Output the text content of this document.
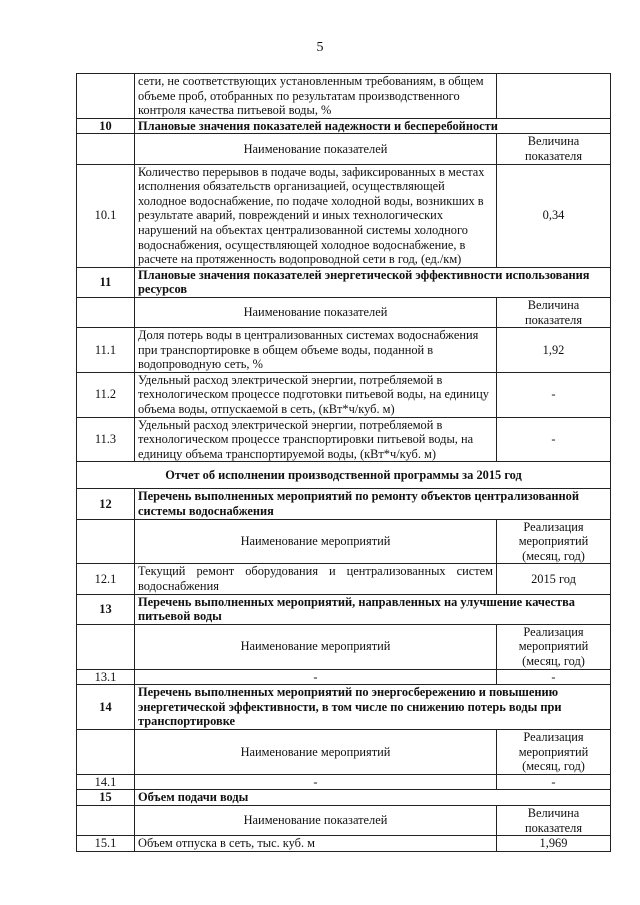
5
	сети, не соответствующих установленным требованиям, в общем объеме проб, отобранных по результатам производственного контроля качества питьевой воды, %	
10	Плановые значения показателей надежности и бесперебойности	
	Наименование показателей	Величина
показателя
10.1	Количество перерывов в подаче воды, зафиксированных в местах исполнения обязательств организацией, осуществляющей холодное водоснабжение, по подаче холодной воды, возникших в результате аварий, повреждений и иных технологических нарушений на объектах централизованной системы холодного водоснабжения, осуществляющей холодное водоснабжение, в расчете на протяженность водопроводной сети в год, (ед./км)	0,34
11	Плановые значения показателей энергетической эффективности использования ресурсов	
	Наименование показателей	Величина
показателя
11.1	Доля потерь воды в централизованных системах водоснабжения при транспортировке в общем объеме воды, поданной в водопроводную сеть, %	1,92
11.2	Удельный расход электрической энергии, потребляемой в технологическом процессе подготовки питьевой воды, на единицу объема воды, отпускаемой в сеть, (кВт*ч/куб. м)	-
11.3	Удельный расход электрической энергии, потребляемой в технологическом процессе транспортировки питьевой воды, на единицу объема транспортируемой воды, (кВт*ч/куб. м)	-
Отчет об исполнении производственной программы за 2015 год		
12	Перечень выполненных мероприятий по ремонту объектов централизованной системы водоснабжения	
	Наименование мероприятий	Реализация
мероприятий
(месяц, год)
12.1	Текущий ремонт оборудования и централизованных систем водоснабжения	2015 год
13	Перечень выполненных мероприятий, направленных на улучшение качества питьевой воды	
	Наименование мероприятий	Реализация
мероприятий
(месяц, год)
13.1	-	-
14	Перечень выполненных мероприятий по энергосбережению и повышению энергетической эффективности, в том числе по снижению потерь воды при транспортировке	
	Наименование мероприятий	Реализация
мероприятий
(месяц, год)
14.1	-	-
15	Объем подачи воды	
	Наименование показателей	Величина
показателя
15.1	Объем отпуска в сеть, тыс. куб. м	1,969
